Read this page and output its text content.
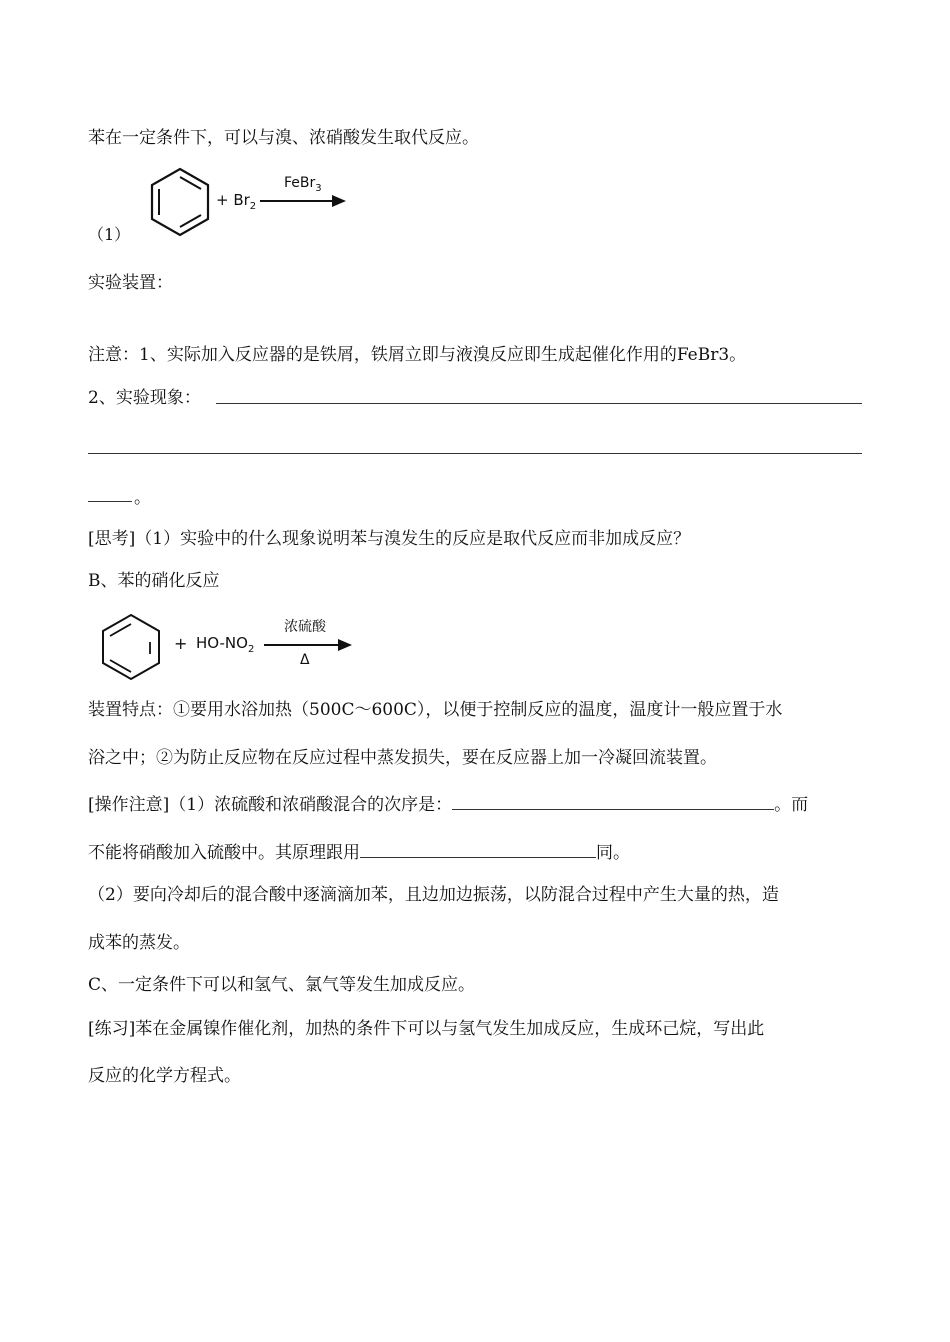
苯在一定条件下，可以与溴、浓硝酸发生取代反应。
（1）
+ $Br_2$
FeBr$_3$
实验装置：
注意：1、实际加入反应器的是铁屑，铁屑立即与液溴反应即生成起催化作用的FeBr3。
2、实验现象：
。
[思考]（1）实验中的什么现象说明苯与溴发生的反应是取代反应而非加成反应？
B、苯的硝化反应
+ $HO-NO_2$
浓硫酸
Δ
装置特点：①要用水浴加热（500C～600C），以便于控制反应的温度，温度计一般应置于水
浴之中；②为防止反应物在反应过程中蒸发损失，要在反应器上加一冷凝回流装置。
[操作注意]（1）浓硫酸和浓硝酸混合的次序是：	。而
不能将硝酸加入硫酸中。其原理跟用	同。
（2）要向冷却后的混合酸中逐滴滴加苯，且边加边振荡，以防混合过程中产生大量的热，造
成苯的蒸发。
C、一定条件下可以和氢气、氯气等发生加成反应。
[练习]苯在金属镍作催化剂，加热的条件下可以与氢气发生加成反应，生成环己烷，写出此
反应的化学方程式。
